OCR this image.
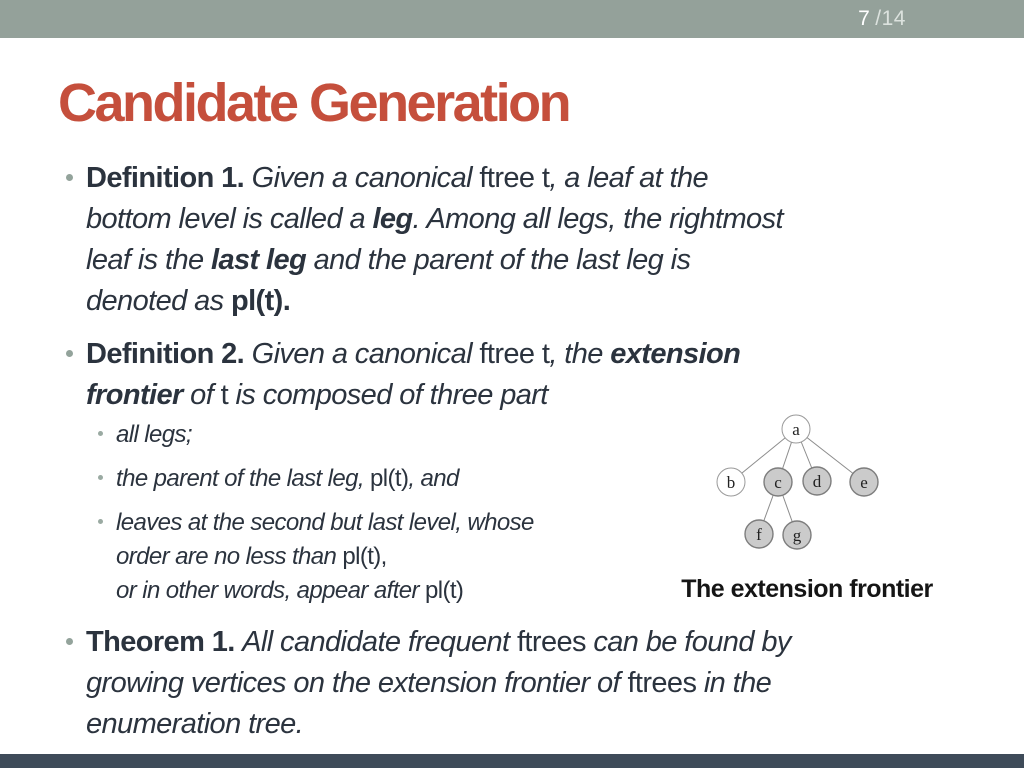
7 /14
Candidate Generation
Definition 1. Given a canonical ftree t, a leaf at the
bottom level is called a leg. Among all legs, the rightmost
leaf is the last leg and the parent of the last leg is
denoted as pl(t).
Definition 2. Given a canonical ftree t, the extension
frontier of t is composed of three part
all legs;
the parent of the last leg, pl(t), and
leaves at the second but last level, whose
order are no less than pl(t),
or in other words, appear after pl(t)
Theorem 1. All candidate frequent ftrees can be found by
growing vertices on the extension frontier of ftrees in the
enumeration tree.
a
b c d e
f g
The extension frontier
